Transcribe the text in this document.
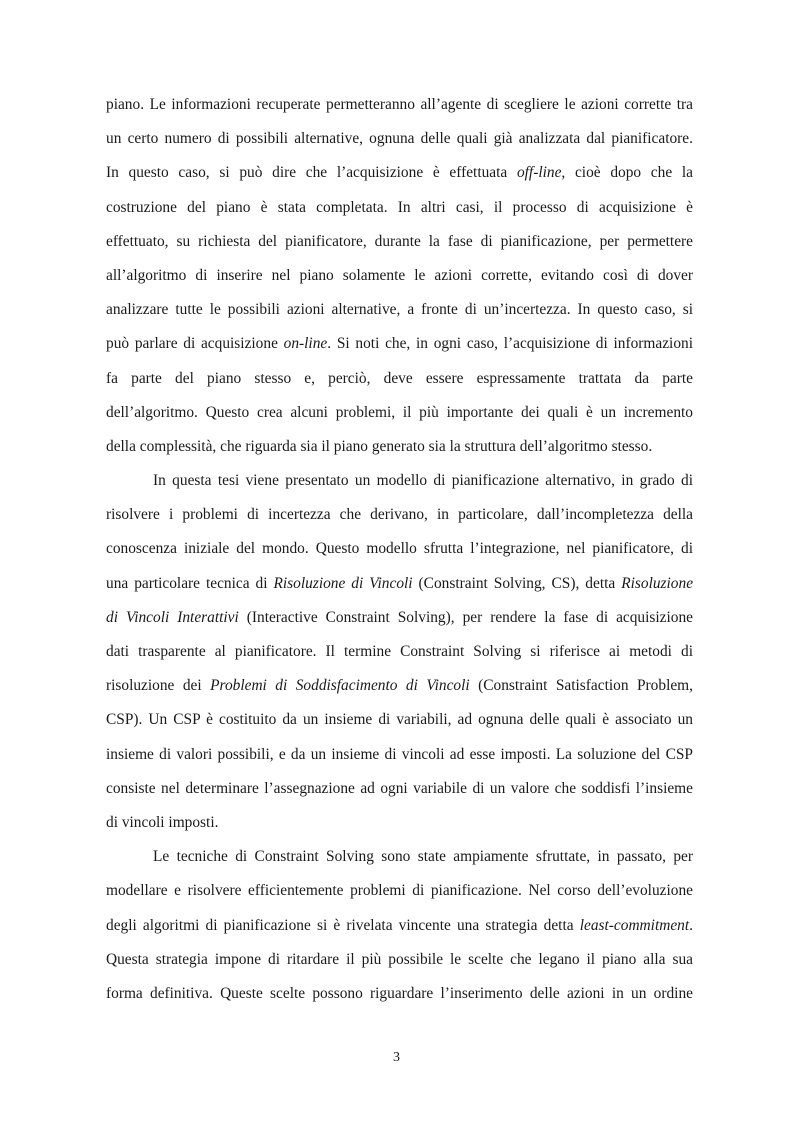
piano. Le informazioni recuperate permetteranno all’agente di scegliere le azioni corrette tra
un certo numero di possibili alternative, ognuna delle quali già analizzata dal pianificatore.
In questo caso, si può dire che l’acquisizione è effettuata off-line, cioè dopo che la
costruzione del piano è stata completata. In altri casi, il processo di acquisizione è
effettuato, su richiesta del pianificatore, durante la fase di pianificazione, per permettere
all’algoritmo di inserire nel piano solamente le azioni corrette, evitando così di dover
analizzare tutte le possibili azioni alternative, a fronte di un’incertezza. In questo caso, si
può parlare di acquisizione on-line. Si noti che, in ogni caso, l’acquisizione di informazioni
fa parte del piano stesso e, perciò, deve essere espressamente trattata da parte
dell’algoritmo. Questo crea alcuni problemi, il più importante dei quali è un incremento
della complessità, che riguarda sia il piano generato sia la struttura dell’algoritmo stesso.
In questa tesi viene presentato un modello di pianificazione alternativo, in grado di
risolvere i problemi di incertezza che derivano, in particolare, dall’incompletezza della
conoscenza iniziale del mondo. Questo modello sfrutta l’integrazione, nel pianificatore, di
una particolare tecnica di Risoluzione di Vincoli (Constraint Solving, CS), detta Risoluzione
di Vincoli Interattivi (Interactive Constraint Solving), per rendere la fase di acquisizione
dati trasparente al pianificatore. Il termine Constraint Solving si riferisce ai metodi di
risoluzione dei Problemi di Soddisfacimento di Vincoli (Constraint Satisfaction Problem,
CSP). Un CSP è costituito da un insieme di variabili, ad ognuna delle quali è associato un
insieme di valori possibili, e da un insieme di vincoli ad esse imposti. La soluzione del CSP
consiste nel determinare l’assegnazione ad ogni variabile di un valore che soddisfi l’insieme
di vincoli imposti.
Le tecniche di Constraint Solving sono state ampiamente sfruttate, in passato, per
modellare e risolvere efficientemente problemi di pianificazione. Nel corso dell’evoluzione
degli algoritmi di pianificazione si è rivelata vincente una strategia detta least-commitment.
Questa strategia impone di ritardare il più possibile le scelte che legano il piano alla sua
forma definitiva. Queste scelte possono riguardare l’inserimento delle azioni in un ordine
3
